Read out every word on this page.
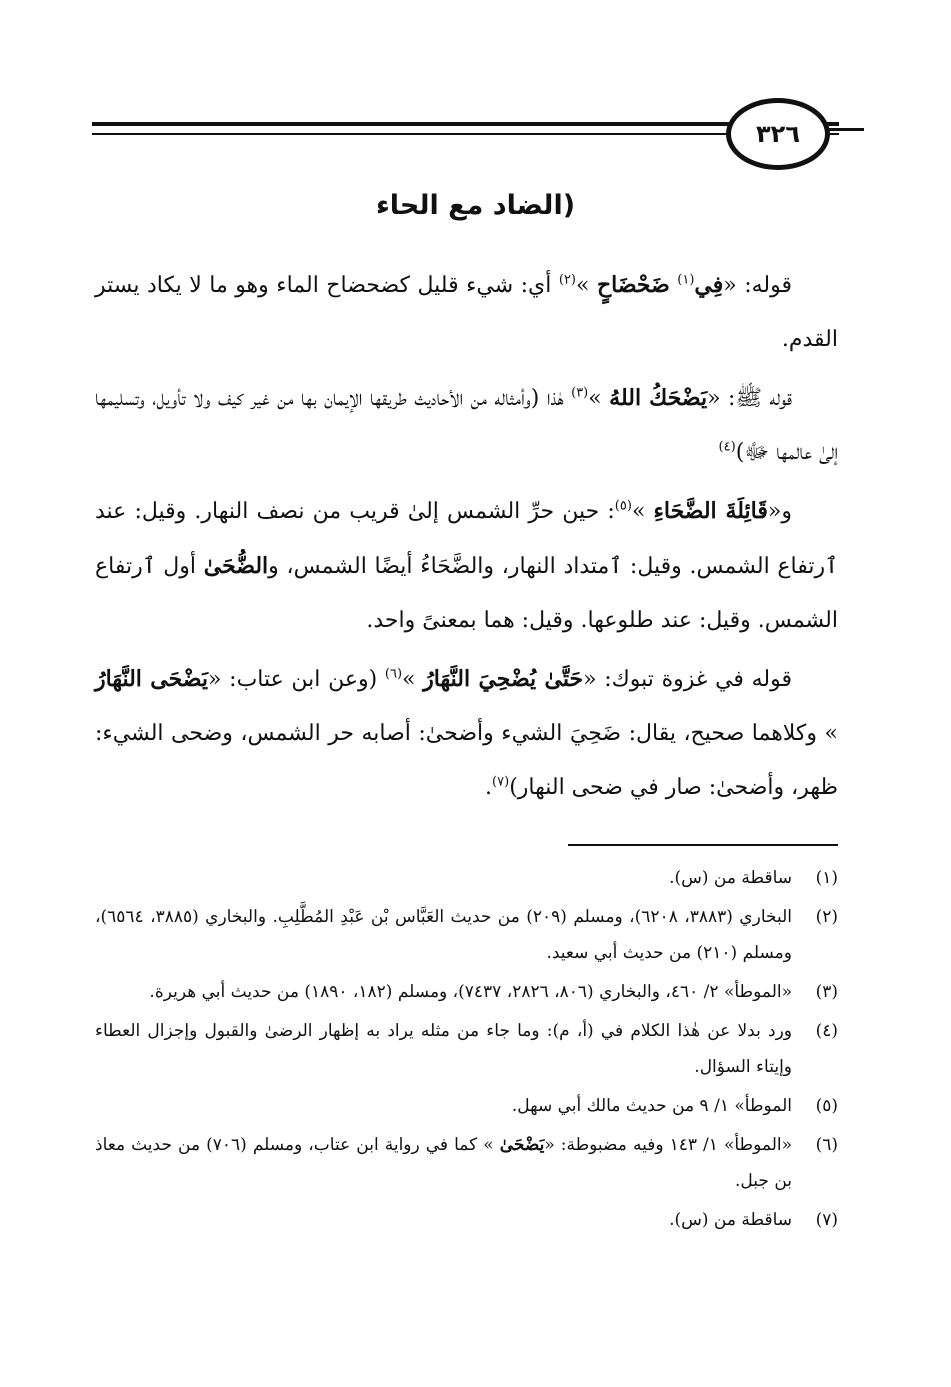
٣٢٦
(الضاد مع الحاء

قوله: «فِي$^{(١)}$ ضَحْضَاحٍ »$^{(٢)}$ أي: شيء قليل كضحضاح الماء وهو ما لا يكاد يستر القدم.

قوله ﷺ: «يَضْحَكُ اللهُ »$^{(٣)}$ هٰذا (وأمثاله من الأحاديث طريقها الإيمان بها من غير كيف ولا تأويل، وتسليمها إلىٰ عالمها ﷻ)$^{(٤)}$

و«قَائِلَةَ الضَّحَاءِ »$^{(٥)}$: حين حرِّ الشمس إلىٰ قريب من نصف النهار. وقيل: عند ٱرتفاع الشمس. وقيل: ٱمتداد النهار، والضَّحَاءُ أيضًا الشمس، والضُّحَىٰ أول ٱرتفاع الشمس. وقيل: عند طلوعها. وقيل: هما بمعنىً واحد.

قوله في غزوة تبوك: «حَتَّىٰ يُضْحِيَ النَّهَارُ »$^{(٦)}$ (وعن ابن عتاب: «يَضْحَى النَّهَارُ » وكلاهما صحيح، يقال: ضَحِيَ الشيء وأضحىٰ: أصابه حر الشمس، وضحى الشيء: ظهر، وأضحىٰ: صار في ضحى النهار)$^{(٧)}$.

(١)
ساقطة من (س).
(٢)
البخاري (٣٨٨٣، ٦٢٠٨)، ومسلم (٢٠٩) من حديث العَبَّاس بْن عَبْدِ المُطَّلِبِ. والبخاري (٣٨٨٥، ٦٥٦٤)، ومسلم (٢١٠) من حديث أبي سعيد.
(٣)
«الموطأ» ٢/ ٤٦٠، والبخاري (٨٠٦، ٢٨٢٦، ٧٤٣٧)، ومسلم (١٨٢، ١٨٩٠) من حديث أبي هريرة.
(٤)
ورد بدلا عن هٰذا الكلام في (أ، م): وما جاء من مثله يراد به إظهار الرضىٰ والقبول وإجزال العطاء وإيتاء السؤال.
(٥)
الموطأ» ١/ ٩ من حديث مالك أبي سهل.
(٦)
«الموطأ» ١/ ١٤٣ وفيه مضبوطة: «يَضْحَىٰ » كما في رواية ابن عتاب، ومسلم (٧٠٦) من حديث معاذ بن جبل.
(٧)
ساقطة من (س).
